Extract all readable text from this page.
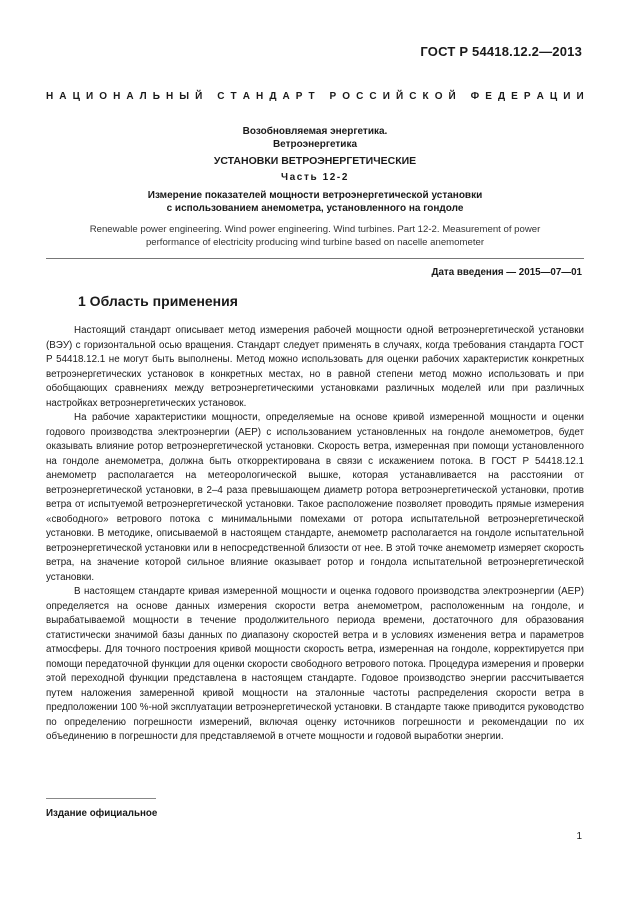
ГОСТ Р 54418.12.2—2013
Н А Ц И О Н А Л Ь Н Ы Й
С Т А Н Д А Р Т
Р О С С И Й С К О Й
Ф Е Д Е Р А Ц И И
Возобновляемая энергетика.
Ветроэнергетика
УСТАНОВКИ ВЕТРОЭНЕРГЕТИЧЕСКИЕ
Часть 12-2
Измерение показателей мощности ветроэнергетической установки
с использованием анемометра, установленного на гондоле
Renewable power engineering. Wind power engineering. Wind turbines. Part 12-2. Measurement of power
performance of electricity producing wind turbine based on nacelle anemometer
Дата введения — 2015—07—01
1 Область применения

Настоящий стандарт описывает метод измерения рабочей мощности одной ветроэнергетической установки (ВЭУ) с горизонтальной осью вращения. Стандарт следует применять в случаях, когда требования стандарта ГОСТ Р 54418.12.1 не могут быть выполнены. Метод можно использовать для оценки рабочих характеристик конкретных ветроэнергетических установок в конкретных местах, но в равной степени метод можно использовать и при обобщающих сравнениях между ветроэнергетическими установками различных моделей или при различных настройках ветроэнергетических установок.

На рабочие характеристики мощности, определяемые на основе кривой измеренной мощности и оценки годового производства электроэнергии (АЕР) с использованием установленных на гондоле анемометров, будет оказывать влияние ротор ветроэнергетической установки. Скорость ветра, измеренная при помощи установленного на гондоле анемометра, должна быть откорректирована в связи с искажением потока. В ГОСТ Р 54418.12.1 анемометр располагается на метеорологической вышке, которая устанавливается на расстоянии от ветроэнергетической установки, в 2–4 раза превышающем диаметр ротора ветроэнергетической установки, против ветра от испытуемой ветроэнергетической установки. Такое расположение позволяет проводить прямые измерения «свободного» ветрового потока с минимальными помехами от ротора испытательной ветроэнергетической установки. В методике, описываемой в настоящем стандарте, анемометр располагается на гондоле испытательной ветроэнергетической установки или в непосредственной близости от нее. В этой точке анемометр измеряет скорость ветра, на значение которой сильное влияние оказывает ротор и гондола испытательной ветроэнергетической установки.

В настоящем стандарте кривая измеренной мощности и оценка годового производства электроэнергии (АЕР) определяется на основе данных измерения скорости ветра анемометром, расположенным на гондоле, и вырабатываемой мощности в течение продолжительного периода времени, достаточного для образования статистически значимой базы данных по диапазону скоростей ветра и в условиях изменения ветра и параметров атмосферы. Для точного построения кривой мощности скорость ветра, измеренная на гондоле, корректируется при помощи передаточной функции для оценки скорости свободного ветрового потока. Процедура измерения и проверки этой переходной функции представлена в настоящем стандарте. Годовое производство энергии рассчитывается путем наложения замеренной кривой мощности на эталонные частоты распределения скорости ветра в предположении 100 %-ной эксплуатации ветроэнергетической установки. В стандарте также приводится руководство по определению погрешности измерений, включая оценку источников погрешности и рекомендации по их объединению в погрешности для представляемой в отчете мощности и годовой выработки энергии.

Издание официальное
1
